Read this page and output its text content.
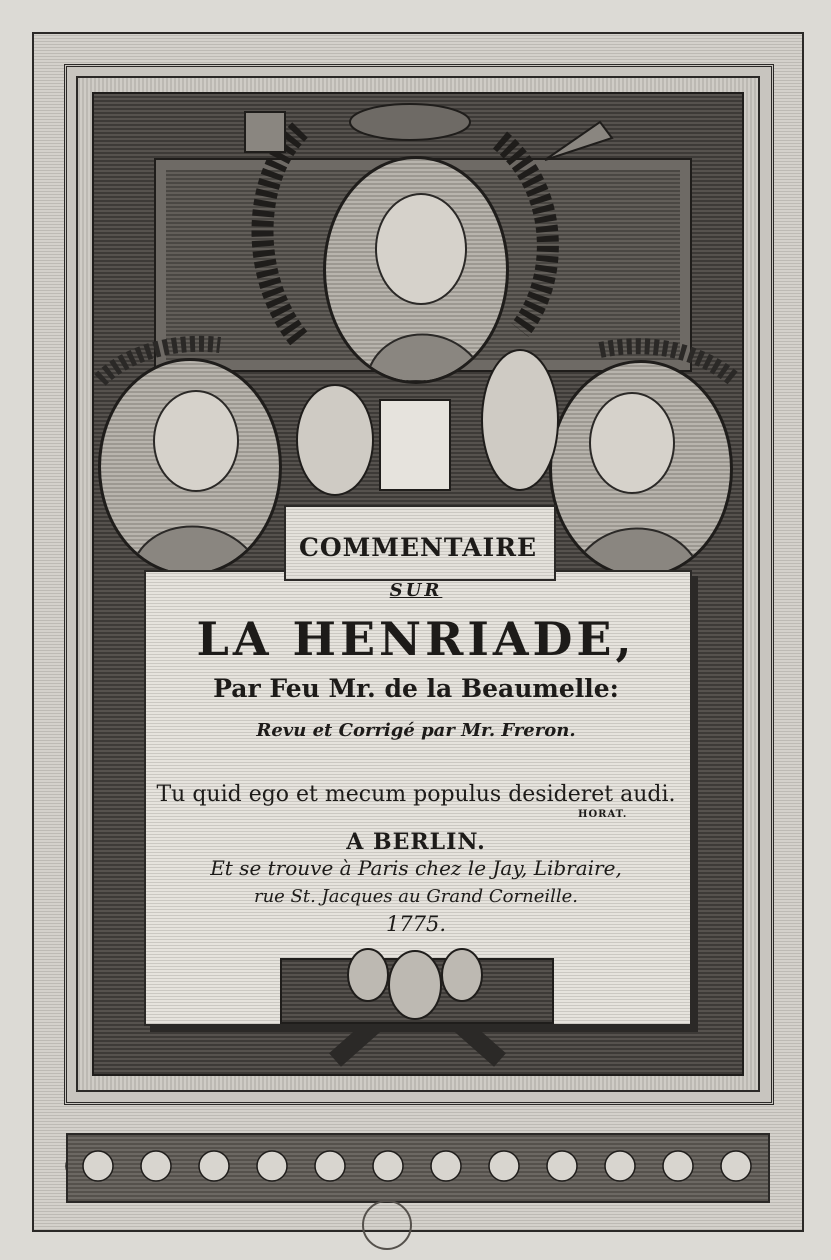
COMMENTAIRE
SUR
LA HENRIADE,
Par Feu Mr. de la Beaumelle:
Revu et Corrigé par Mr. Freron.
Tu quid ego et mecum populus desideret audi.
HORAT.
A BERLIN.
Et se trouve à Paris chez le Jay, Libraire,
rue St. Jacques au Grand Corneille.
1775.
